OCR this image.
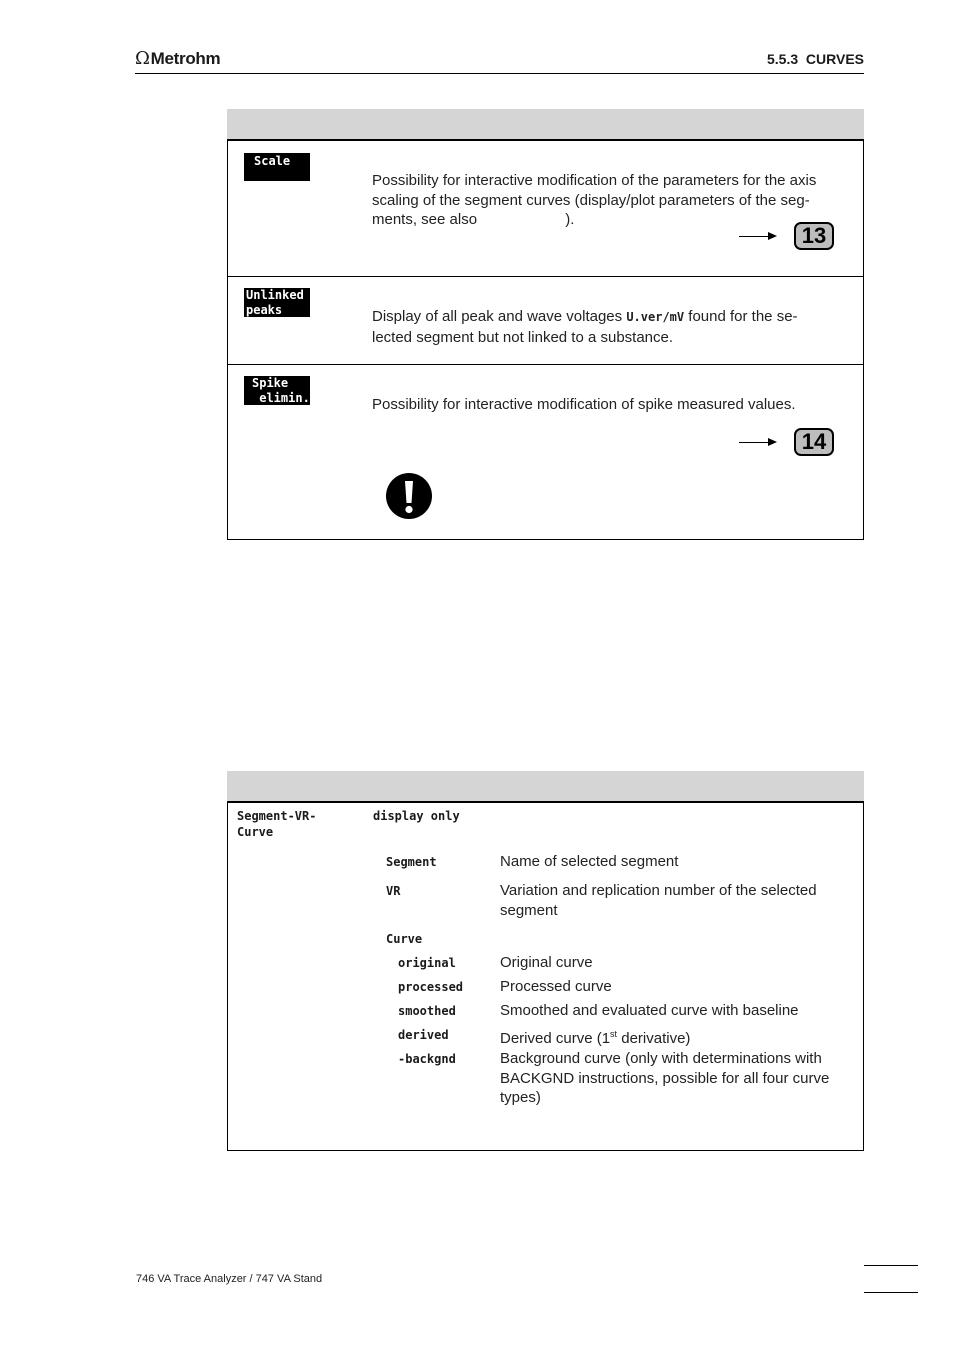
ΩMetrohm	5.5.3  CURVES
Scale
Possibility for interactive modification of the parameters for the axis scaling of the segment curves (display/plot parameters of the seg-ments, see also	).
13
Unlinked
peaks	Display of all peak and wave voltages U.ver/mV found for the se-lected segment but not linked to a substance.
Spike
elimin.	Possibility for interactive modification of spike measured values.
14
Segment-VR-
Curve
display only
Segment	Name of selected segment
VR	Variation and replication number of the selected segment
Curve
original	Original curve
processed Processed curve
smoothed	Smoothed and evaluated curve with baseline
derived	Derived curve (1st derivative)
-backgnd	Background curve (only with determinations with BACKGND instructions, possible for all four curve types)
746 VA Trace Analyzer / 747 VA Stand
